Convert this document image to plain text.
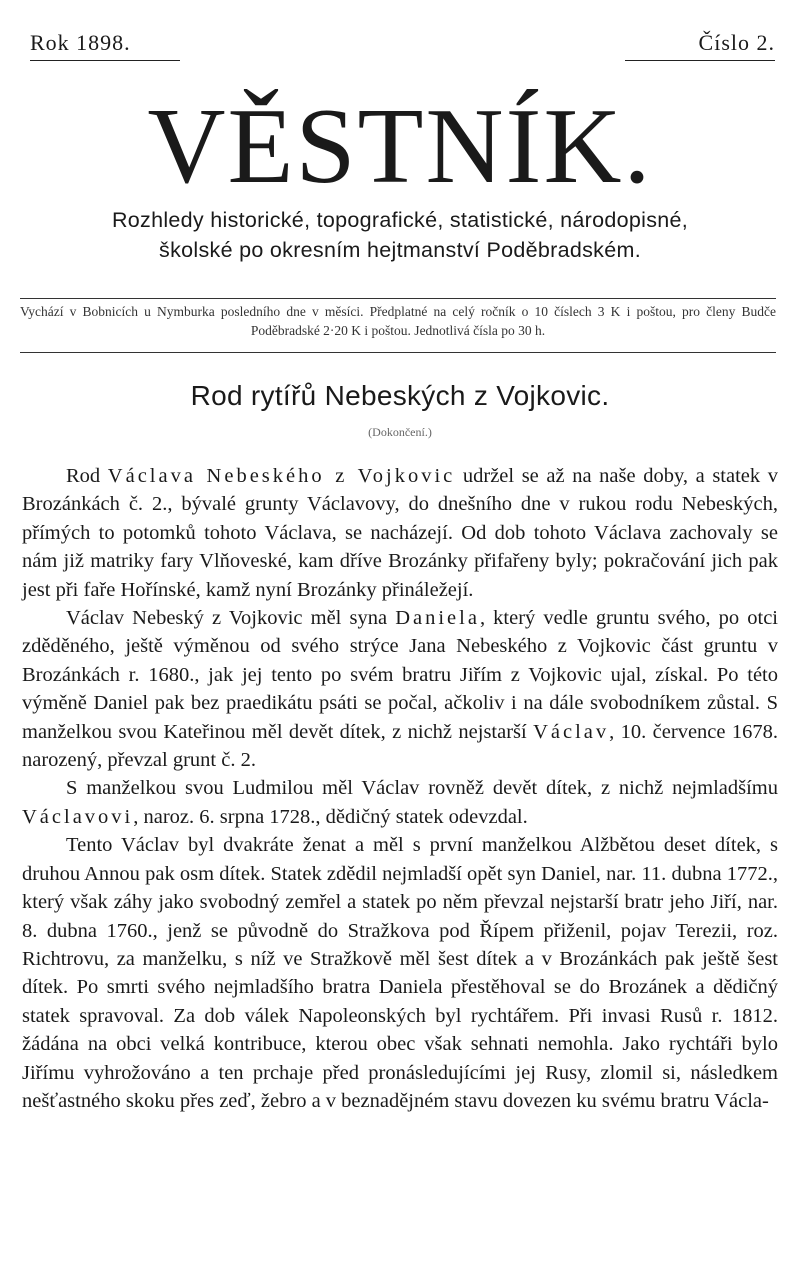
Rok 1898.	Číslo 2.
VĚSTNÍK.
Rozhledy historické, topografické, statistické, národopisné,
školské po okresním hejtmanství Poděbradském.
Vychází v Bobnicích u Nymburka posledního dne v měsíci. Předplatné na celý ročník o 10 číslech 3 K i poštou, pro členy Budče Poděbradské 2·20 K i poštou. Jednotlivá čísla po 30 h.
Rod rytířů Nebeských z Vojkovic.
(Dokončení.)

Rod Václava Nebeského z Vojkovic udržel se až na naše doby, a statek v Brozánkách č. 2., bývalé grunty Václavovy, do dnešního dne v rukou rodu Nebeských, přímých to potomků tohoto Václava, se nacházejí. Od dob tohoto Václava zachovaly se nám již matriky fary Vlňoveské, kam dříve Brozánky přifařeny byly; pokračování jich pak jest při faře Hořínské, kamž nyní Brozánky přináležejí.

Václav Nebeský z Vojkovic měl syna Daniela, který vedle gruntu svého, po otci zděděného, ještě výměnou od svého strýce Jana Nebeského z Vojkovic část gruntu v Brozánkách r. 1680., jak jej tento po svém bratru Jiřím z Vojkovic ujal, získal. Po této výměně Daniel pak bez praedikátu psáti se počal, ačkoliv i na dále svobodníkem zůstal. S manželkou svou Kateřinou měl devět dítek, z nichž nejstarší Václav, 10. července 1678. narozený, převzal grunt č. 2.

S manželkou svou Ludmilou měl Václav rovněž devět dítek, z nichž nejmladšímu Václavovi, naroz. 6. srpna 1728., dědičný statek odevzdal.

Tento Václav byl dvakráte ženat a měl s první manželkou Alžbětou deset dítek, s druhou Annou pak osm dítek. Statek zdědil nejmladší opět syn Daniel, nar. 11. dubna 1772., který však záhy jako svobodný zemřel a statek po něm převzal nejstarší bratr jeho Jiří, nar. 8. dubna 1760., jenž se původně do Stražkova pod Řípem přiženil, pojav Terezii, roz. Richtrovu, za manželku, s níž ve Stražkově měl šest dítek a v Brozánkách pak ještě šest dítek. Po smrti svého nejmladšího bratra Daniela přestěhoval se do Brozánek a dědičný statek spravoval. Za dob válek Napoleonských byl rychtářem. Při invasi Rusů r. 1812. žádána na obci velká kontribuce, kterou obec však sehnati nemohla. Jako rychtáři bylo Jiřímu vyhrožováno a ten prchaje před pronásledujícími jej Rusy, zlomil si, následkem nešťastného skoku přes zeď, žebro a v beznadějném stavu dovezen ku svému bratru Václa-
